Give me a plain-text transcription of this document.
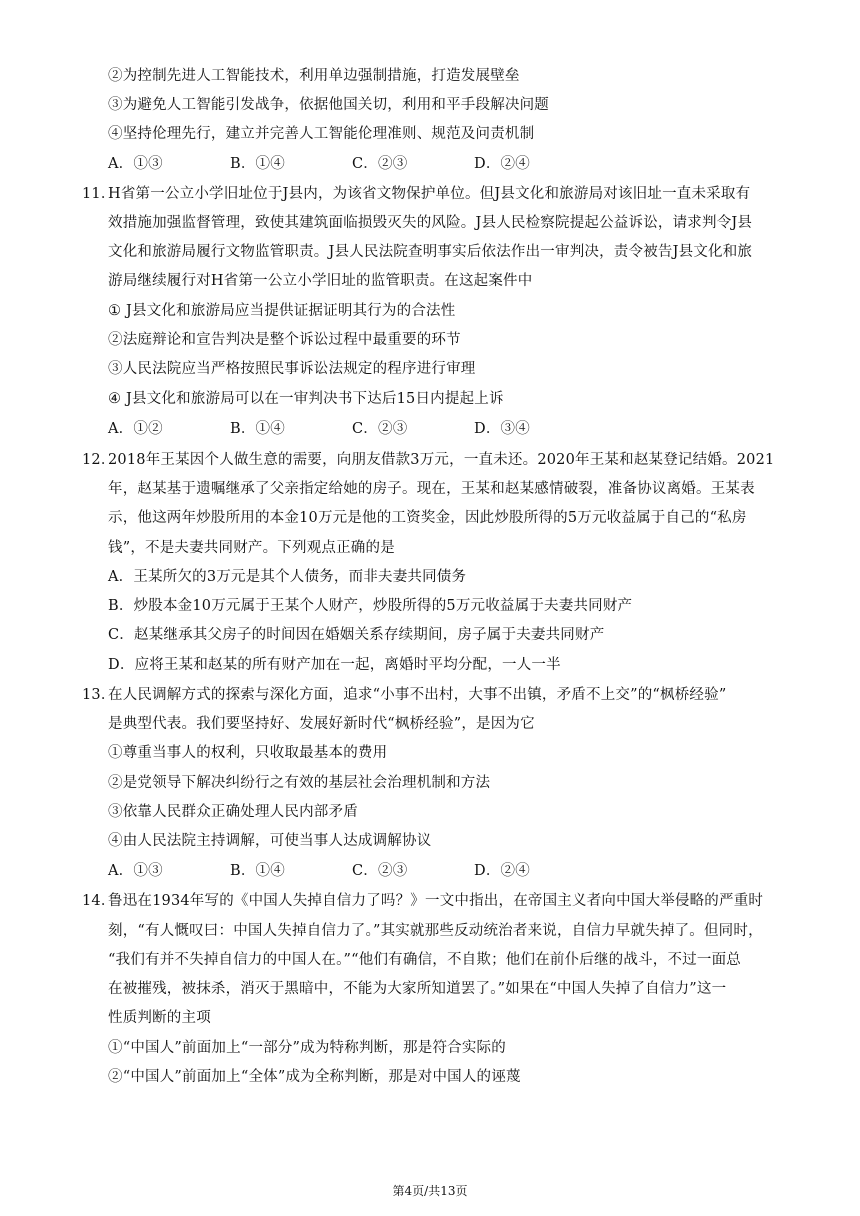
②为控制先进人工智能技术，利用单边强制措施，打造发展壁垒
③为避免人工智能引发战争，依据他国关切，利用和平手段解决问题
④坚持伦理先行，建立并完善人工智能伦理准则、规范及问责机制
A．①③	B．①④	C．②③	D．②④
11．
H省第一公立小学旧址位于J县内，为该省文物保护单位。但J县文化和旅游局对该旧址一直未采取有
效措施加强监督管理，致使其建筑面临损毁灭失的风险。J县人民检察院提起公益诉讼，请求判令J县
文化和旅游局履行文物监管职责。J县人民法院查明事实后依法作出一审判决，责令被告J县文化和旅
游局继续履行对H省第一公立小学旧址的监管职责。在这起案件中
① J县文化和旅游局应当提供证据证明其行为的合法性
②法庭辩论和宣告判决是整个诉讼过程中最重要的环节
③人民法院应当严格按照民事诉讼法规定的程序进行审理
④ J县文化和旅游局可以在一审判决书下达后15日内提起上诉
A．①②	B．①④	C．②③	D．③④
12．
2018年王某因个人做生意的需要，向朋友借款3万元，一直未还。2020年王某和赵某登记结婚。2021
年，赵某基于遗嘱继承了父亲指定给她的房子。现在，王某和赵某感情破裂，准备协议离婚。王某表
示，他这两年炒股所用的本金10万元是他的工资奖金，因此炒股所得的5万元收益属于自己的“私房
钱”，不是夫妻共同财产。下列观点正确的是
A．王某所欠的3万元是其个人债务，而非夫妻共同债务
B．炒股本金10万元属于王某个人财产，炒股所得的5万元收益属于夫妻共同财产
C．赵某继承其父房子的时间因在婚姻关系存续期间，房子属于夫妻共同财产
D．应将王某和赵某的所有财产加在一起，离婚时平均分配，一人一半
13．
在人民调解方式的探索与深化方面，追求“小事不出村，大事不出镇，矛盾不上交”的“枫桥经验”
是典型代表。我们要坚持好、发展好新时代“枫桥经验”，是因为它
①尊重当事人的权利，只收取最基本的费用
②是党领导下解决纠纷行之有效的基层社会治理机制和方法
③依靠人民群众正确处理人民内部矛盾
④由人民法院主持调解，可使当事人达成调解协议
A．①③	B．①④	C．②③	D．②④
14．
鲁迅在1934年写的《中国人失掉自信力了吗？》一文中指出，在帝国主义者向中国大举侵略的严重时
刻，“有人慨叹曰：中国人失掉自信力了。”其实就那些反动统治者来说，自信力早就失掉了。但同时，
“我们有并不失掉自信力的中国人在。”“他们有确信，不自欺；他们在前仆后继的战斗，不过一面总
在被摧残，被抹杀，消灭于黑暗中，不能为大家所知道罢了。”如果在“中国人失掉了自信力”这一
性质判断的主项
①“中国人”前面加上“一部分”成为特称判断，那是符合实际的
②“中国人”前面加上“全体”成为全称判断，那是对中国人的诬蔑
第4页/共13页
